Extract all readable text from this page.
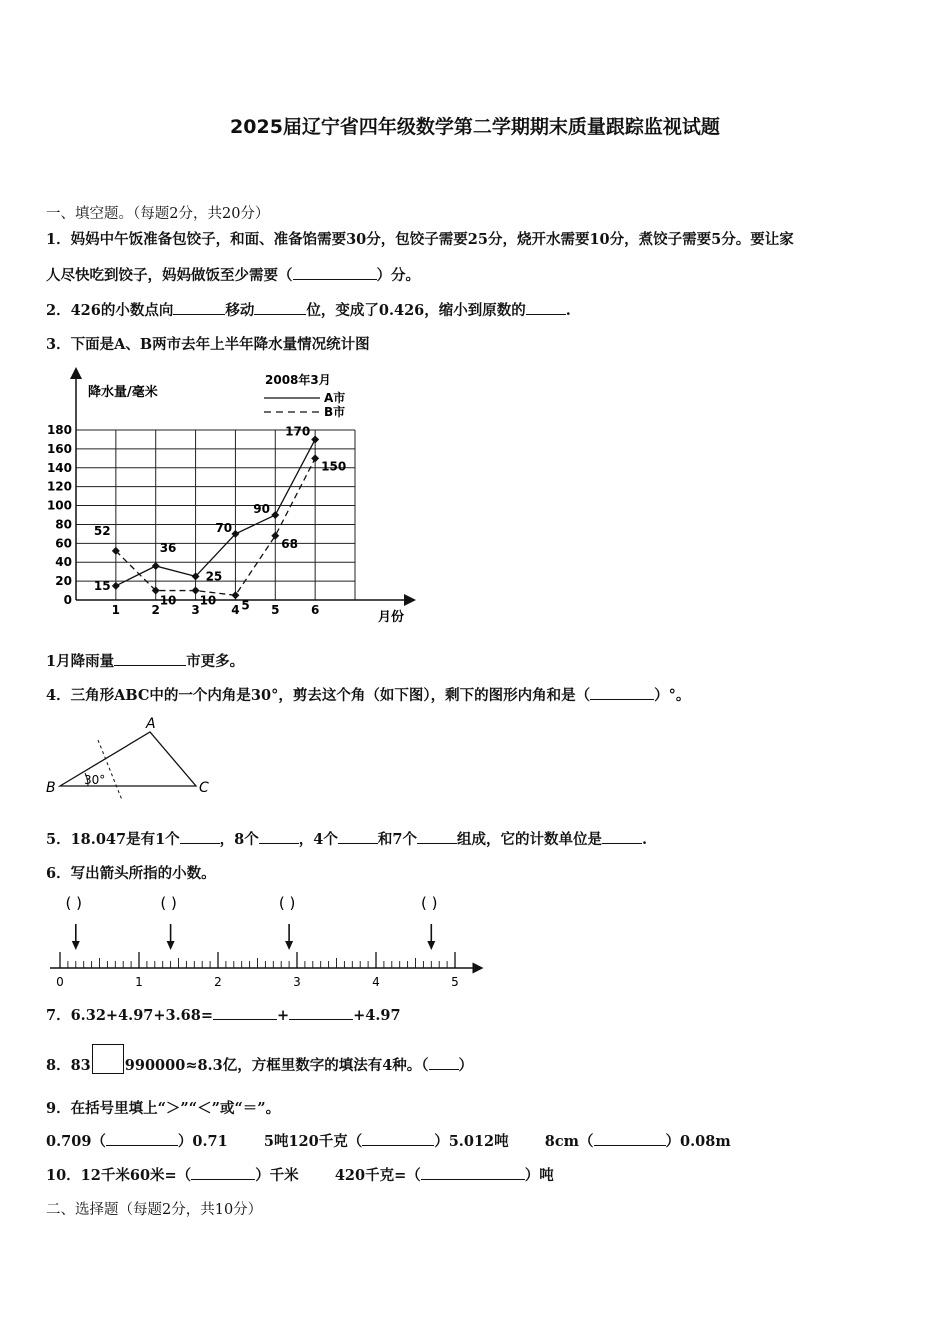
2025届辽宁省四年级数学第二学期期末质量跟踪监视试题
一、填空题。（每题2分，共20分）
1．妈妈中午饭准备包饺子，和面、准备馅需要30分，包饺子需要25分，烧开水需要10分，煮饺子需要5分。要让家
人尽快吃到饺子，妈妈做饭至少需要（	）分。
2．426的小数点向	移动	位，变成了0.426，缩小到原数的	.
3．下面是A、B两市去年上半年降水量情况统计图
降水量/毫米
月份
2008年3月
A市
B市
0
20
40
60
80
100
120
140
160
180
1	2	3	4	5	6
15
36
25
70
90
170
52
10 10 5
68
150
1月降雨量	市更多。
4．三角形ABC中的一个内角是30°，剪去这个角（如下图），剩下的图形内角和是（	）°。
A
B	C
30°
5．18.047是有1个	，8个	，4个	和7个	组成，它的计数单位是	.
6．写出箭头所指的小数。
0	1	2	3	4	5
( )	( )	( )	( )
7．6.32+4.97+3.68=	+	+4.97
8．83 990000≈8.3亿，方框里数字的填法有4种。（ ）
9．在括号里填上“＞”“＜”或“＝”。
0.709（	）0.71 5吨120千克（	）5.012吨 8cm（	）0.08m
10．12千米60米=（	）千米 420千克=（	）吨
二、选择题（每题2分，共10分）
